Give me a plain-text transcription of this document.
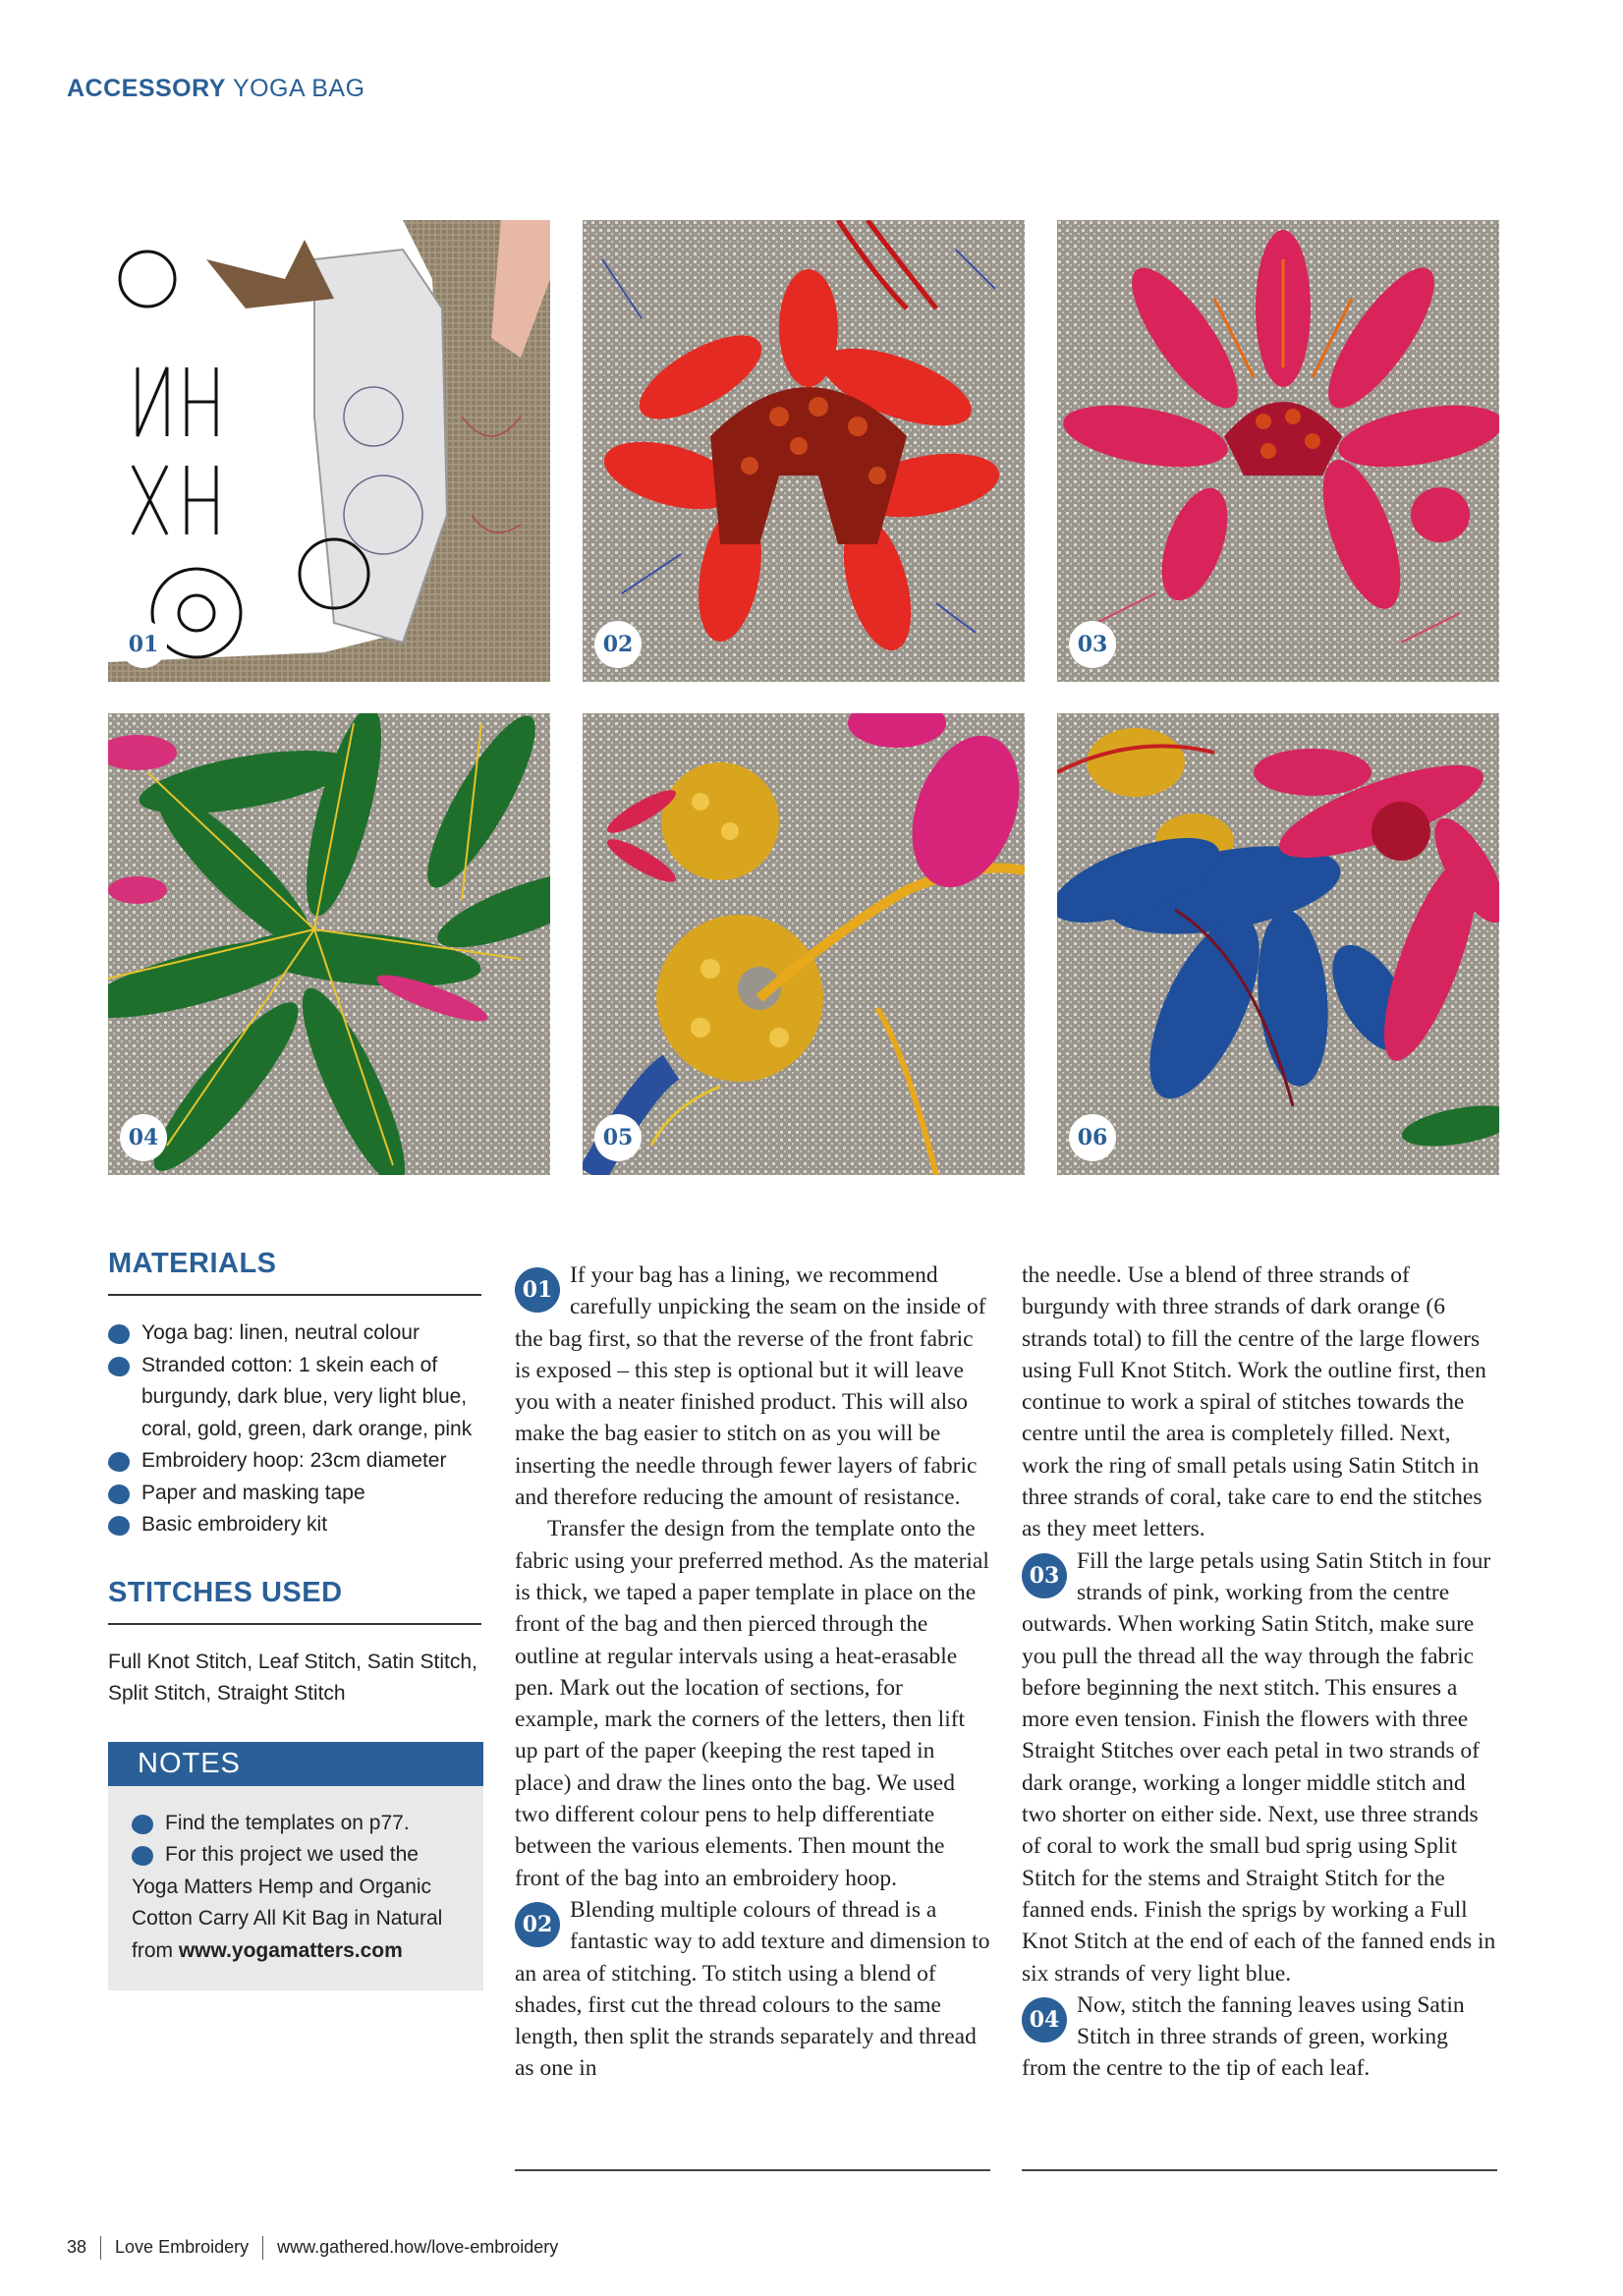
ACCESSORY YOGA BAG
01	02	03
04	05	06
MATERIALS
Yoga bag: linen, neutral colour
Stranded cotton: 1 skein each of burgundy, dark blue, very light blue, coral, gold, green, dark orange, pink
Embroidery hoop: 23cm diameter
Paper and masking tape
Basic embroidery kit
STITCHES USED
Full Knot Stitch, Leaf Stitch, Satin Stitch, Split Stitch, Straight Stitch
NOTES
Find the templates on p77.
For this project we used the Yoga Matters Hemp and Organic Cotton Carry All Kit Bag in Natural from www.yogamatters.com

01
If your bag has a lining, we recommend carefully unpicking the seam on the inside of the bag first, so that the reverse of the front fabric is exposed – this step is optional but it will leave you with a neater finished product. This will also make the bag easier to stitch on as you will be inserting the needle through fewer layers of fabric and therefore reducing the amount of resistance.

Transfer the design from the template onto the fabric using your preferred method. As the material is thick, we taped a paper template in place on the front of the bag and then pierced through the outline at regular intervals using a heat-erasable pen. Mark out the location of sections, for example, mark the corners of the letters, then lift up part of the paper (keeping the rest taped in place) and draw the lines onto the bag. We used two different colour pens to help differentiate between the various elements. Then mount the front of the bag into an embroidery hoop.

02
Blending multiple colours of thread is a fantastic way to add texture and dimension to an area of stitching. To stitch using a blend of shades, first cut the thread colours to the same length, then split the strands separately and thread as one in

the needle. Use a blend of three strands of burgundy with three strands of dark orange (6 strands total) to fill the centre of the large flowers using Full Knot Stitch. Work the outline first, then continue to work a spiral of stitches towards the centre until the area is completely filled. Next, work the ring of small petals using Satin Stitch in three strands of coral, take care to end the stitches as they meet letters.

03
Fill the large petals using Satin Stitch in four strands of pink, working from the centre outwards. When working Satin Stitch, make sure you pull the thread all the way through the fabric before beginning the next stitch. This ensures a more even tension. Finish the flowers with three Straight Stitches over each petal in two strands of dark orange, working a longer middle stitch and two shorter on either side. Next, use three strands of coral to work the small bud sprig using Split Stitch for the stems and Straight Stitch for the fanned ends. Finish the sprigs by working a Full Knot Stitch at the end of each of the fanned ends in six strands of very light blue.

04
Now, stitch the fanning leaves using Satin Stitch in three strands of green, working from the centre to the tip of each leaf.

38 Love Embroidery www.gathered.how/love-embroidery
